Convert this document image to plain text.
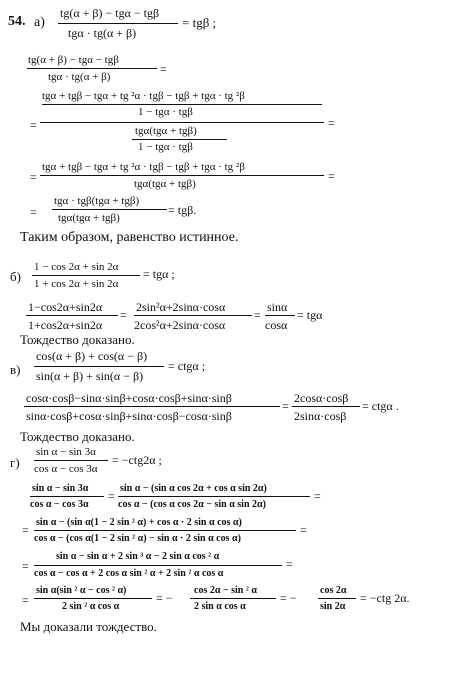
54. а)
tg(α + β) − tgα − tgβ
tgα · tg(α + β)
= tgβ ;
tg(α + β) − tgα − tgβ
tgα · tg(α + β)
=
=
tgα + tgβ − tgα + tg ²α · tgβ − tgβ + tgα · tg ²β
1 − tgα · tgβ
tgα(tgα + tgβ)
1 − tgα · tgβ
=
=
tgα + tgβ − tgα + tg ²α · tgβ − tgβ + tgα · tg ²β
tgα(tgα + tgβ)
=
=
tgα · tgβ(tgα + tgβ)
tgα(tgα + tgβ)
= tgβ.
Таким образом, равенство истинное.
б)
1 − cos 2α + sin 2α
1 + cos 2α + sin 2α
= tgα ;
1−cos2α+sin2α
1+cos2α+sin2α
=
2sin²α+2sinα·cosα
2cos²α+2sinα·cosα
=
sinα
cosα
= tgα
Тождество доказано.
в)
cos(α + β) + cos(α − β)
sin(α + β) + sin(α − β)
= ctgα ;
cosα·cosβ−sinα·sinβ+cosα·cosβ+sinα·sinβ
sinα·cosβ+cosα·sinβ+sinα·cosβ−cosα·sinβ
=
2cosα·cosβ
2sinα·cosβ
= ctgα .
Тождество доказано.
г)
sin α − sin 3α
cos α − cos 3α
= −ctg2α ;
sin α − sin 3α
cos α − cos 3α
=
sin α − (sin α cos 2α + cos α sin 2α)
cos α − (cos α cos 2α − sin α sin 2α)
=
=
sin α − (sin α(1 − 2 sin ² α) + cos α · 2 sin α cos α)
cos α − (cos α(1 − 2 sin ² α) − sin α · 2 sin α cos α)
=
=
sin α − sin α + 2 sin ³ α − 2 sin α cos ² α
cos α − cos α + 2 cos α sin ² α + 2 sin ² α cos α
=
=
sin α(sin ² α − cos ² α)
2 sin ² α cos α
= −
cos 2α − sin ² α
2 sin α cos α
= −
cos 2α
sin 2α
= −ctg 2α.
Мы доказали тождество.
